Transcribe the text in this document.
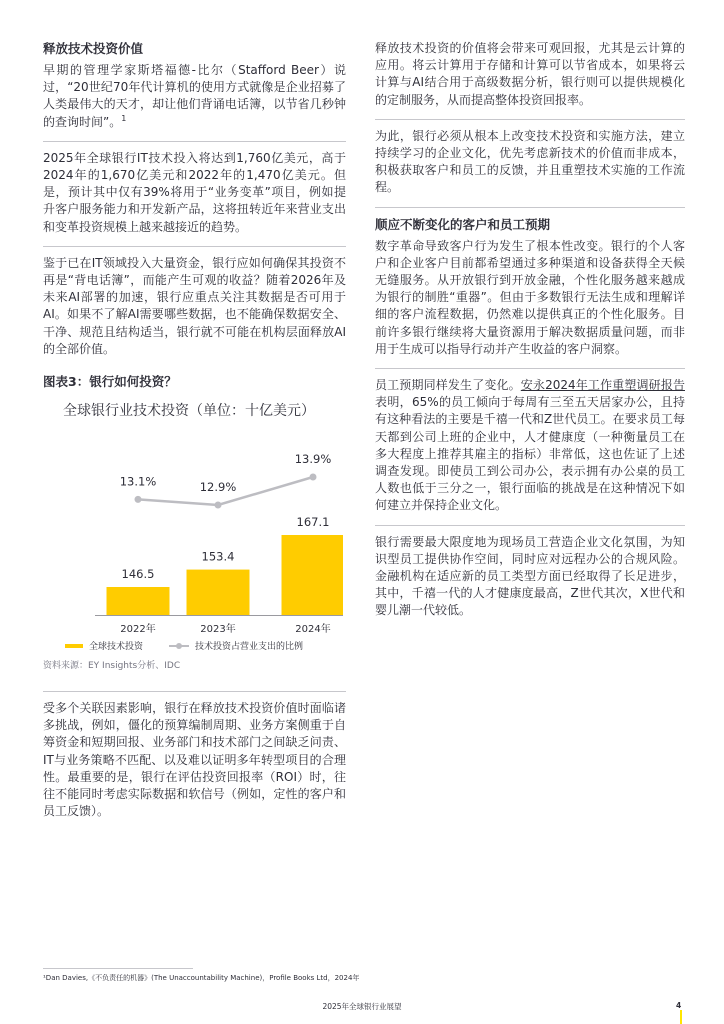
释放技术投资价值

早期的管理学家斯塔福德-比尔（Stafford Beer）说过，“20世纪70年代计算机的使用方式就像是企业招募了人类最伟大的天才，却让他们背诵电话簿，以节省几秒钟的查询时间”。$^1$

2025年全球银行IT技术投入将达到1,760亿美元，高于2024年的1,670亿美元和2022年的1,470亿美元。但是，预计其中仅有39%将用于“业务变革”项目，例如提升客户服务能力和开发新产品，这将扭转近年来营业支出和变革投资规模上越来越接近的趋势。

鉴于已在IT领域投入大量资金，银行应如何确保其投资不再是“背电话簿”，而能产生可观的收益？随着2026年及未来AI部署的加速，银行应重点关注其数据是否可用于AI。如果不了解AI需要哪些数据，也不能确保数据安全、干净、规范且结构适当，银行就不可能在机构层面释放AI的全部价值。

图表3：银行如何投资？
全球银行业技术投资（单位：十亿美元）
146.5
2022年
153.4
2023年
167.1
2024年
13.1%	12.9%
13.9%
全球技术投资	技术投资占营业支出的比例
资料来源：EY Insights分析、IDC

受多个关联因素影响，银行在释放技术投资价值时面临诸多挑战，例如，僵化的预算编制周期、业务方案侧重于自筹资金和短期回报、业务部门和技术部门之间缺乏问责、IT与业务策略不匹配、以及难以证明多年转型项目的合理性。最重要的是，银行在评估投资回报率（ROI）时，往往不能同时考虑实际数据和软信号（例如，定性的客户和员工反馈）。

释放技术投资的价值将会带来可观回报，尤其是云计算的应用。将云计算用于存储和计算可以节省成本，如果将云计算与AI结合用于高级数据分析，银行则可以提供规模化的定制服务，从而提高整体投资回报率。

为此，银行必须从根本上改变技术投资和实施方法，建立持续学习的企业文化，优先考虑新技术的价值而非成本，积极获取客户和员工的反馈，并且重塑技术实施的工作流程。

顺应不断变化的客户和员工预期

数字革命导致客户行为发生了根本性改变。银行的个人客户和企业客户目前都希望通过多种渠道和设备获得全天候无缝服务。从开放银行到开放金融，个性化服务越来越成为银行的制胜“重器”。但由于多数银行无法生成和理解详细的客户流程数据，仍然难以提供真正的个性化服务。目前许多银行继续将大量资源用于解决数据质量问题，而非用于生成可以指导行动并产生收益的客户洞察。

员工预期同样发生了变化。安永2024年工作重塑调研报告表明，65%的员工倾向于每周有三至五天居家办公，且持有这种看法的主要是千禧一代和Z世代员工。在要求员工每天都到公司上班的企业中，人才健康度（一种衡量员工在多大程度上推荐其雇主的指标）非常低，这也佐证了上述调查发现。即使员工到公司办公，表示拥有办公桌的员工人数也低于三分之一，银行面临的挑战是在这种情况下如何建立并保持企业文化。

银行需要最大限度地为现场员工营造企业文化氛围，为知识型员工提供协作空间，同时应对远程办公的合规风险。金融机构在适应新的员工类型方面已经取得了长足进步，其中，千禧一代的人才健康度最高，Z世代其次，X世代和婴儿潮一代较低。

¹Dan Davies,《不负责任的机器》(The Unaccountability Machine)，Profile Books Ltd，2024年
2025年全球银行业展望	4
